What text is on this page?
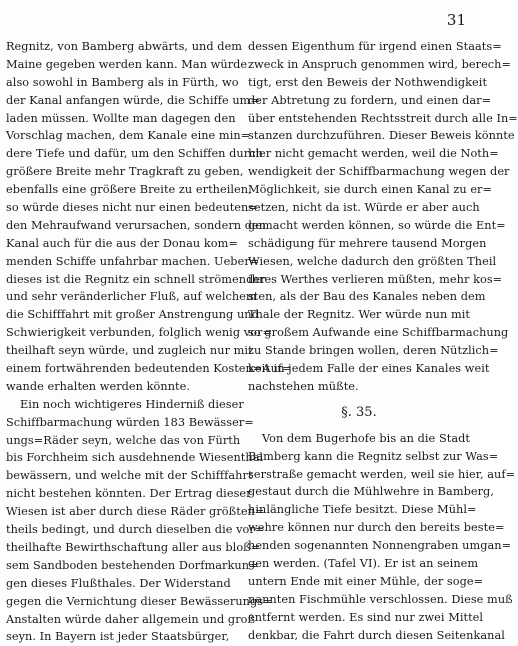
31
Regnitz, von Bamberg abwärts, und dem
Maine gegeben werden kann. Man würde
also sowohl in Bamberg als in Fürth, wo
der Kanal anfangen würde, die Schiffe um=
laden müssen. Wollte man dagegen den
Vorschlag machen, dem Kanale eine min=
dere Tiefe und dafür, um den Schiffen durch
größere Breite mehr Tragkraft zu geben,
ebenfalls eine größere Breite zu ertheilen,
so würde dieses nicht nur einen bedeuten=
den Mehraufwand verursachen, sondern den
Kanal auch für die aus der Donau kom=
menden Schiffe unfahrbar machen. Ueber=
dieses ist die Regnitz ein schnell strömender
und sehr veränderlicher Fluß, auf welchem
die Schifffahrt mit großer Anstrengung und
Schwierigkeit verbunden, folglich wenig vor=
theilhaft seyn würde, und zugleich nur mit
einem fortwährenden bedeutenden Kosten=Auf=
wande erhalten werden könnte.
Ein noch wichtigeres Hinderniß dieser
Schiffbarmachung würden 183 Bewässer=
ungs=Räder seyn, welche das von Fürth
bis Forchheim sich ausdehnende Wiesenthal
bewässern, und welche mit der Schifffahrt
nicht bestehen könnten. Der Ertrag dieser
Wiesen ist aber durch diese Räder größten=
theils bedingt, und durch dieselben die vor=
theilhafte Bewirthschaftung aller aus bloß=
sem Sandboden bestehenden Dorfmarkun=
gen dieses Flußthales. Der Widerstand
gegen die Vernichtung dieser Bewässerungs=
Anstalten würde daher allgemein und groß
seyn. In Bayern ist jeder Staatsbürger,
dessen Eigenthum für irgend einen Staats=
zweck in Anspruch genommen wird, berech=
tigt, erst den Beweis der Nothwendigkeit
der Abtretung zu fordern, und einen dar=
über entstehenden Rechtsstreit durch alle In=
stanzen durchzuführen. Dieser Beweis könnte
hier nicht gemacht werden, weil die Noth=
wendigkeit der Schiffbarmachung wegen der
Möglichkeit, sie durch einen Kanal zu er=
setzen, nicht da ist. Würde er aber auch
gemacht werden können, so würde die Ent=
schädigung für mehrere tausend Morgen
Wiesen, welche dadurch den größten Theil
ihres Werthes verlieren müßten, mehr kos=
sten, als der Bau des Kanales neben dem
Thale der Regnitz. Wer würde nun mit
so großem Aufwande eine Schiffbarmachung
zu Stande bringen wollen, deren Nützlich=
keit in jedem Falle der eines Kanales weit
nachstehen müßte.
§. 35.
Von dem Bugerhofe bis an die Stadt
Bamberg kann die Regnitz selbst zur Was=
serstraße gemacht werden, weil sie hier, auf=
gestaut durch die Mühlwehre in Bamberg,
hinlängliche Tiefe besitzt. Diese Mühl=
wehre können nur durch den bereits beste=
henden sogenannten Nonnengraben umgan=
gen werden. (Tafel VI). Er ist an seinem
untern Ende mit einer Mühle, der soge=
nannten Fischmühle verschlossen. Diese muß
entfernt werden. Es sind nur zwei Mittel
denkbar, die Fahrt durch diesen Seitenkanal
